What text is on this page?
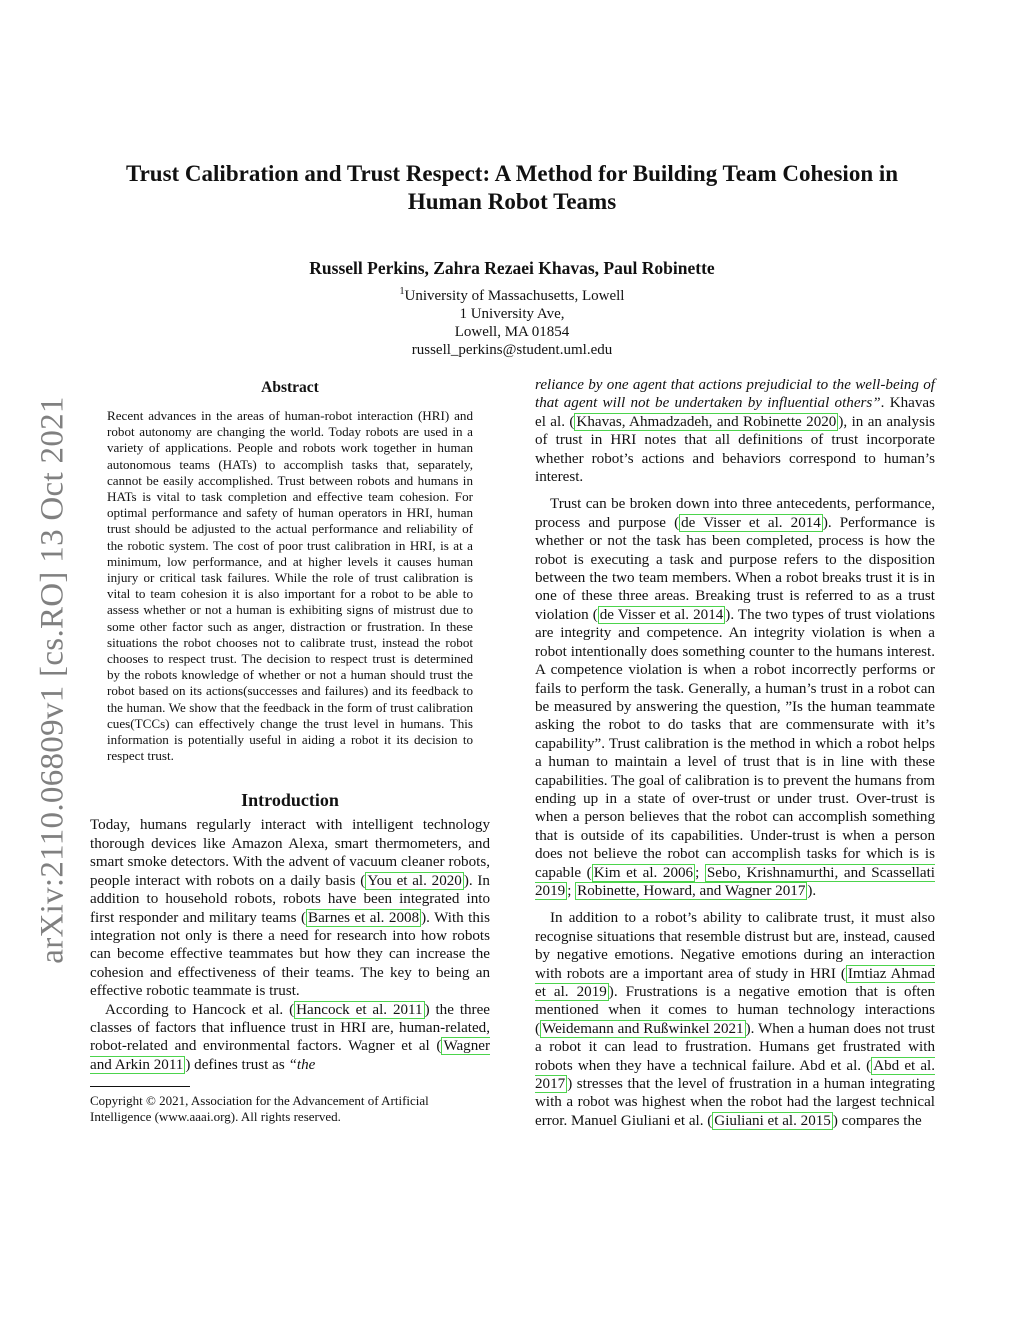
arXiv:2110.06809v1 [cs.RO] 13 Oct 2021
Trust Calibration and Trust Respect: A Method for Building Team Cohesion in Human Robot Teams
Russell Perkins, Zahra Rezaei Khavas, Paul Robinette
$^1$University of Massachusetts, Lowell
1 University Ave,
Lowell, MA 01854
russell_perkins@student.uml.edu
Abstract
Recent advances in the areas of human-robot interaction (HRI) and robot autonomy are changing the world. Today robots are used in a variety of applications. People and robots work together in human autonomous teams (HATs) to accomplish tasks that, separately, cannot be easily accomplished. Trust between robots and humans in HATs is vital to task completion and effective team cohesion. For optimal performance and safety of human operators in HRI, human trust should be adjusted to the actual performance and reliability of the robotic system. The cost of poor trust calibration in HRI, is at a minimum, low performance, and at higher levels it causes human injury or critical task failures. While the role of trust calibration is vital to team cohesion it is also important for a robot to be able to assess whether or not a human is exhibiting signs of mistrust due to some other factor such as anger, distraction or frustration. In these situations the robot chooses not to calibrate trust, instead the robot chooses to respect trust. The decision to respect trust is determined by the robots knowledge of whether or not a human should trust the robot based on its actions(successes and failures) and its feedback to the human. We show that the feedback in the form of trust calibration cues(TCCs) can effectively change the trust level in humans. This information is potentially useful in aiding a robot it its decision to respect trust.
Introduction

Today, humans regularly interact with intelligent technology thorough devices like Amazon Alexa, smart thermometers, and smart smoke detectors. With the advent of vacuum cleaner robots, people interact with robots on a daily basis ( You et al. 2020 ). In addition to household robots, robots have been integrated into first responder and military teams ( Barnes et al. 2008 ). With this integration not only is there a need for research into how robots can become effective teammates but how they can increase the cohesion and effectiveness of their teams. The key to being an effective robotic teammate is trust.

According to Hancock et al. ( Hancock et al. 2011 ) the three classes of factors that influence trust in HRI are, human-related, robot-related and environmental factors. Wagner et al ( Wagner and Arkin 2011 ) defines trust as “the

Copyright © 2021, Association for the Advancement of Artificial Intelligence (www.aaai.org). All rights reserved.

reliance by one agent that actions prejudicial to the well-being of that agent will not be undertaken by influential others”. Khavas el al. ( Khavas, Ahmadzadeh, and Robinette 2020 ), in an analysis of trust in HRI notes that all definitions of trust incorporate whether robot’s actions and behaviors correspond to human’s interest.

Trust can be broken down into three antecedents, performance, process and purpose ( de Visser et al. 2014 ). Performance is whether or not the task has been completed, process is how the robot is executing a task and purpose refers to the disposition between the two team members. When a robot breaks trust it is in one of these three areas. Breaking trust is referred to as a trust violation ( de Visser et al. 2014 ). The two types of trust violations are integrity and competence. An integrity violation is when a robot intentionally does something counter to the humans interest. A competence violation is when a robot incorrectly performs or fails to perform the task. Generally, a human’s trust in a robot can be measured by answering the question, ”Is the human teammate asking the robot to do tasks that are commensurate with it’s capability”. Trust calibration is the method in which a robot helps a human to maintain a level of trust that is in line with these capabilities. The goal of calibration is to prevent the humans from ending up in a state of over-trust or under trust. Over-trust is when a person believes that the robot can accomplish something that is outside of its capabilities. Under-trust is when a person does not believe the robot can accomplish tasks for which is is capable ( Kim et al. 2006 ; Sebo, Krishnamurthi, and Scassellati 2019 ; Robinette, Howard, and Wagner 2017 ).

In addition to a robot’s ability to calibrate trust, it must also recognise situations that resemble distrust but are, instead, caused by negative emotions. Negative emotions during an interaction with robots are a important area of study in HRI ( Imtiaz Ahmad et al. 2019 ). Frustrations is a negative emotion that is often mentioned when it comes to human technology interactions ( Weidemann and Rußwinkel 2021 ). When a human does not trust a robot it can lead to frustration. Humans get frustrated with robots when they have a technical failure. Abd et al. ( Abd et al. 2017 ) stresses that the level of frustration in a human integrating with a robot was highest when the robot had the largest technical error. Manuel Giuliani et al. ( Giuliani et al. 2015 ) compares the
